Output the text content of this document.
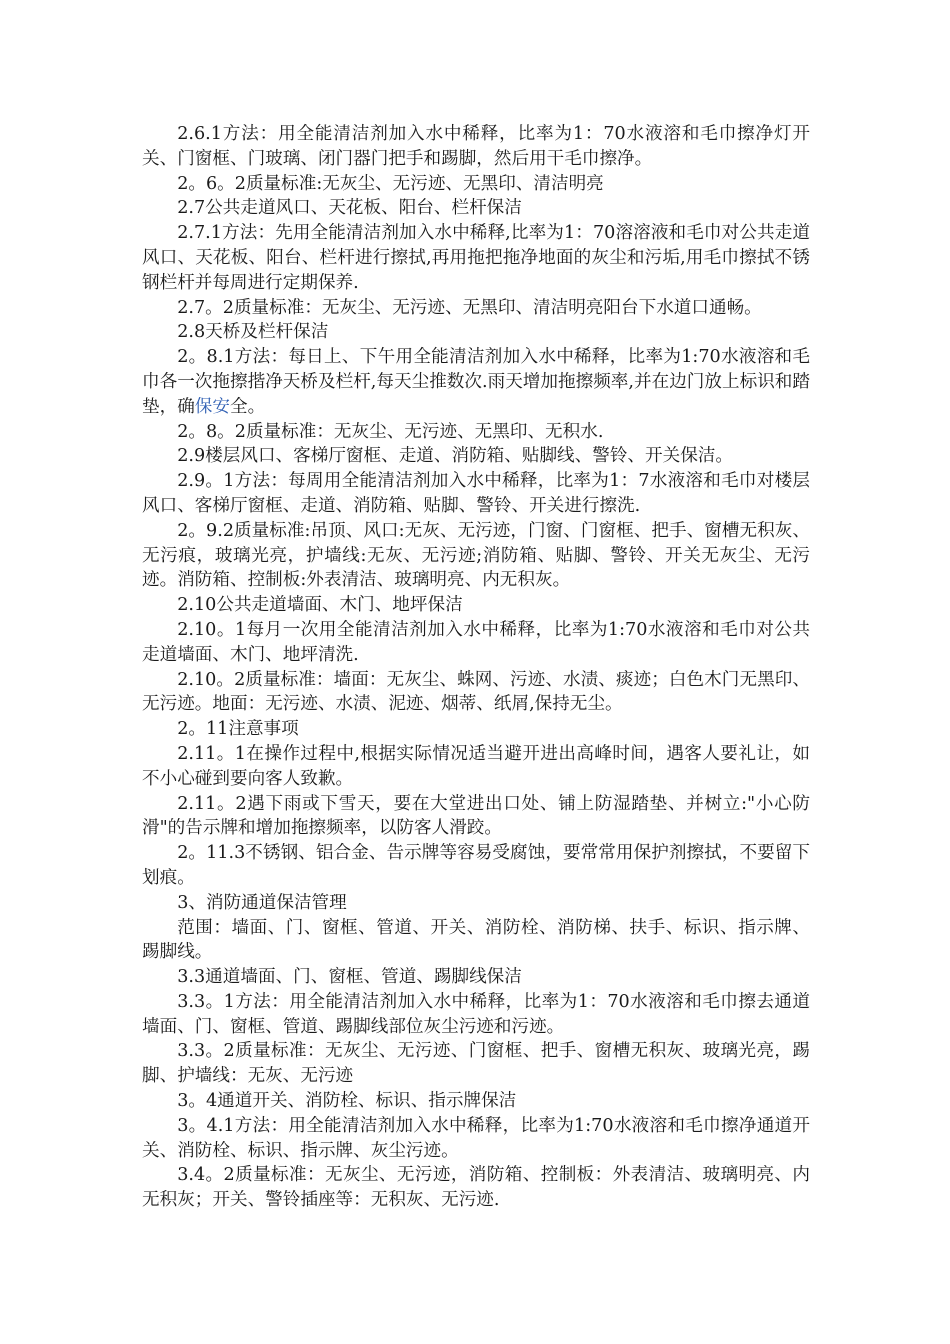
2.6.1方法：用全能清洁剂加入水中稀释，比率为1：70水液溶和毛巾擦净灯开关、门窗框、门玻璃、闭门器门把手和踢脚，然后用干毛巾擦净。

2。6。2质量标准:无灰尘、无污迹、无黑印、清洁明亮

2.7公共走道风口、天花板、阳台、栏杆保洁

2.7.1方法：先用全能清洁剂加入水中稀释,比率为1：70溶溶液和毛巾对公共走道风口、天花板、阳台、栏杆进行擦拭,再用拖把拖净地面的灰尘和污垢,用毛巾擦拭不锈钢栏杆并每周进行定期保养.

2.7。2质量标准：无灰尘、无污迹、无黑印、清洁明亮阳台下水道口通畅。

2.8天桥及栏杆保洁

2。8.1方法：每日上、下午用全能清洁剂加入水中稀释，比率为1:70水液溶和毛巾各一次拖擦揩净天桥及栏杆,每天尘推数次.雨天增加拖擦频率,并在边门放上标识和踏垫，确保安全。

2。8。2质量标准：无灰尘、无污迹、无黑印、无积水.

2.9楼层风口、客梯厅窗框、走道、消防箱、贴脚线、警铃、开关保洁。

2.9。1方法：每周用全能清洁剂加入水中稀释，比率为1：7水液溶和毛巾对楼层风口、客梯厅窗框、走道、消防箱、贴脚、警铃、开关进行擦洗.

2。9.2质量标准:吊顶、风口:无灰、无污迹，门窗、门窗框、把手、窗槽无积灰、无污痕，玻璃光亮，护墙线:无灰、无污迹;消防箱、贴脚、警铃、开关无灰尘、无污迹。消防箱、控制板:外表清洁、玻璃明亮、内无积灰。

2.10公共走道墙面、木门、地坪保洁

2.10。1每月一次用全能清洁剂加入水中稀释，比率为1:70水液溶和毛巾对公共走道墙面、木门、地坪清洗.

2.10。2质量标准：墙面：无灰尘、蛛网、污迹、水渍、痰迹；白色木门无黑印、无污迹。地面：无污迹、水渍、泥迹、烟蒂、纸屑,保持无尘。

2。11注意事项

2.11。1在操作过程中,根据实际情况适当避开进出高峰时间，遇客人要礼让，如不小心碰到要向客人致歉。

2.11。2遇下雨或下雪天，要在大堂进出口处、铺上防湿踏垫、并树立:"小心防滑"的告示牌和增加拖擦频率，以防客人滑跤。

2。11.3不锈钢、铝合金、告示牌等容易受腐蚀，要常常用保护剂擦拭，不要留下划痕。

3、消防通道保洁管理

范围：墙面、门、窗框、管道、开关、消防栓、消防梯、扶手、标识、指示牌、踢脚线。

3.3通道墙面、门、窗框、管道、踢脚线保洁

3.3。1方法：用全能清洁剂加入水中稀释，比率为1：70水液溶和毛巾擦去通道墙面、门、窗框、管道、踢脚线部位灰尘污迹和污迹。

3.3。2质量标准：无灰尘、无污迹、门窗框、把手、窗槽无积灰、玻璃光亮，踢脚、护墙线：无灰、无污迹

3。4通道开关、消防栓、标识、指示牌保洁

3。4.1方法：用全能清洁剂加入水中稀释，比率为1:70水液溶和毛巾擦净通道开关、消防栓、标识、指示牌、灰尘污迹。

3.4。2质量标准：无灰尘、无污迹，消防箱、控制板：外表清洁、玻璃明亮、内无积灰；开关、警铃插座等：无积灰、无污迹.
